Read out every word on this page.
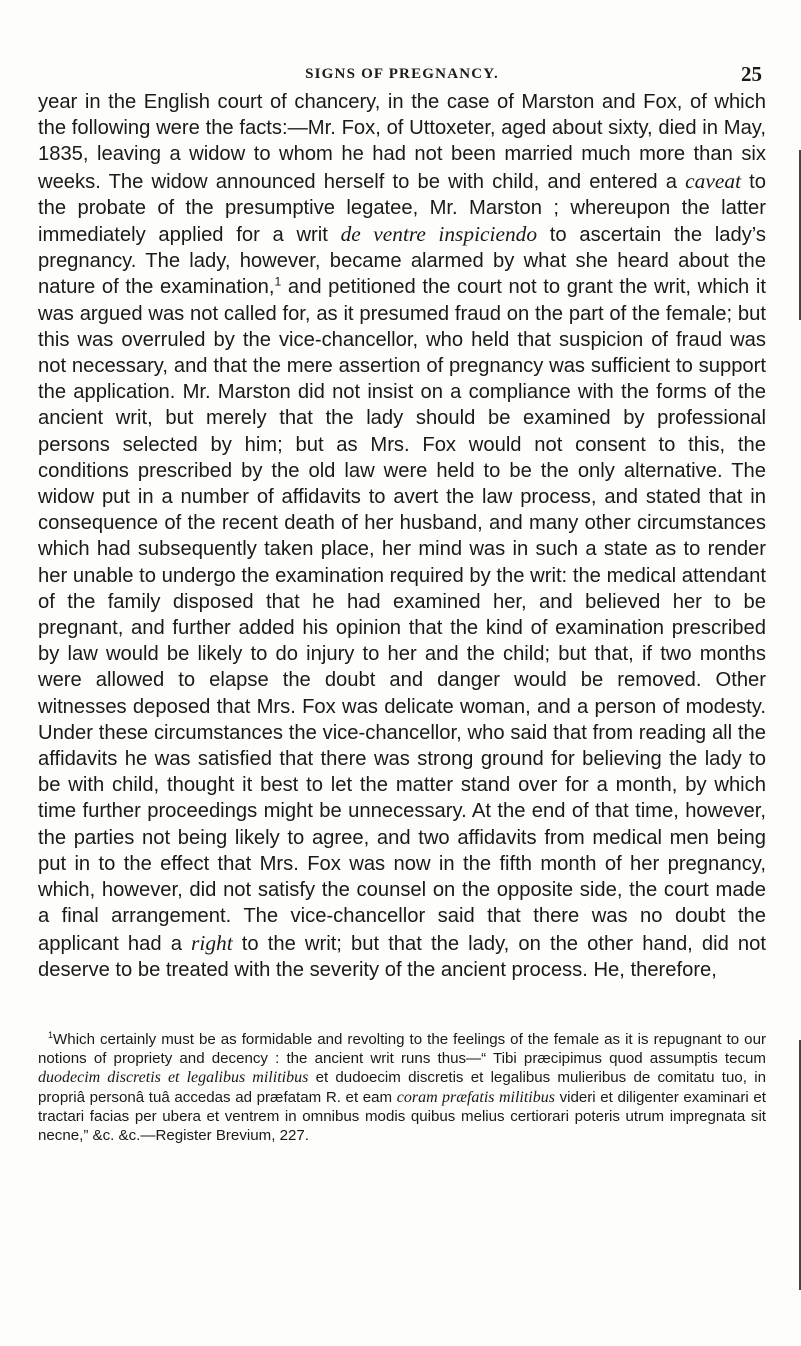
SIGNS OF PREGNANCY.	25

year in the English court of chancery, in the case of Marston and Fox, of which the following were the facts:—Mr. Fox, of Uttoxeter, aged about sixty, died in May, 1835, leaving a widow to whom he had not been married much more than six weeks. The widow announced herself to be with child, and entered a caveat to the probate of the presumptive legatee, Mr. Marston ; whereupon the latter immediately applied for a writ de ventre inspiciendo to ascertain the lady’s pregnancy. The lady, however, became alarmed by what she heard about the nature of the examination,$^1$ and petitioned the court not to grant the writ, which it was argued was not called for, as it presumed fraud on the part of the female; but this was overruled by the vice-chancellor, who held that suspicion of fraud was not necessary, and that the mere assertion of pregnancy was sufficient to support the application. Mr. Marston did not insist on a compliance with the forms of the ancient writ, but merely that the lady should be examined by professional persons selected by him; but as Mrs. Fox would not consent to this, the conditions prescribed by the old law were held to be the only alternative. The widow put in a number of affidavits to avert the law process, and stated that in consequence of the recent death of her husband, and many other circumstances which had subsequently taken place, her mind was in such a state as to render her unable to undergo the examination required by the writ: the medical attendant of the family disposed that he had examined her, and believed her to be pregnant, and further added his opinion that the kind of examination prescribed by law would be likely to do injury to her and the child; but that, if two months were allowed to elapse the doubt and danger would be removed. Other witnesses deposed that Mrs. Fox was delicate woman, and a person of modesty. Under these circumstances the vice-chancellor, who said that from reading all the affidavits he was satisfied that there was strong ground for believing the lady to be with child, thought it best to let the matter stand over for a month, by which time further proceedings might be unnecessary. At the end of that time, however, the parties not being likely to agree, and two affidavits from medical men being put in to the effect that Mrs. Fox was now in the fifth month of her pregnancy, which, however, did not satisfy the counsel on the opposite side, the court made a final arrangement. The vice-chancellor said that there was no doubt the applicant had a right to the writ; but that the lady, on the other hand, did not deserve to be treated with the severity of the ancient process. He, therefore,

$^1$Which certainly must be as formidable and revolting to the feelings of the female as it is repugnant to our notions of propriety and decency : the ancient writ runs thus—“ Tibi præcipimus quod assumptis tecum duodecim discretis et legalibus militibus et dudoecim discretis et legalibus mulieribus de comitatu tuo, in propriâ personâ tuâ accedas ad præfatam R. et eam coram præfatis militibus videri et diligenter examinari et tractari facias per ubera et ventrem in omnibus modis quibus melius certiorari poteris utrum impregnata sit necne,” &c. &c.—Register Brevium, 227.
